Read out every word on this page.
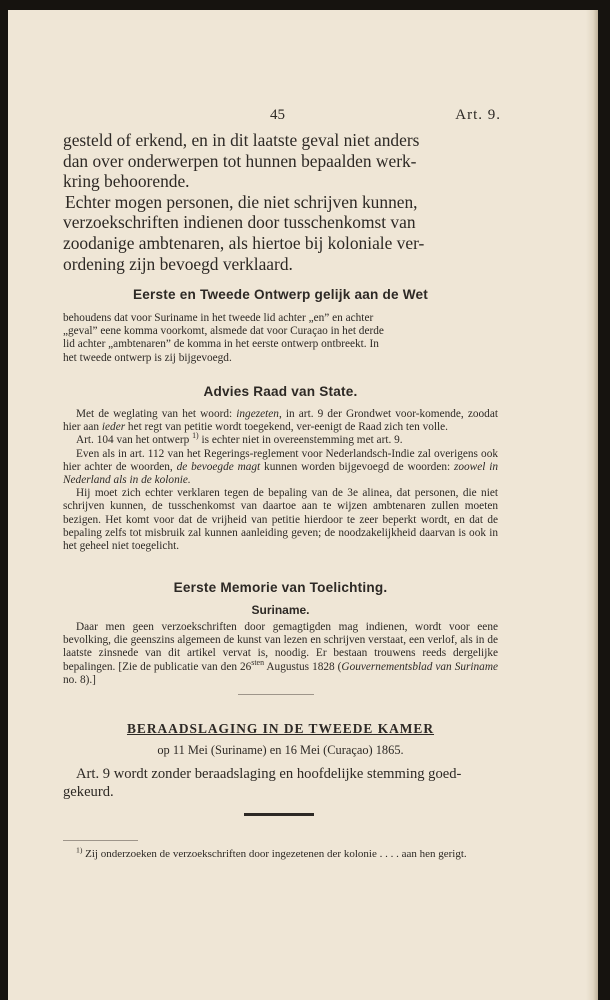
45	Art. 9.

gesteld of erkend, en in dit laatste geval niet anders

dan over onderwerpen tot hunnen bepaalden werk-

kring behoorende.

Echter mogen personen, die niet schrijven kunnen,

verzoekschriften indienen door tusschenkomst van

zoodanige ambtenaren, als hiertoe bij koloniale ver-

ordening zijn bevoegd verklaard.

Eerste en Tweede Ontwerp gelijk aan de Wet

behoudens dat voor Suriname in het tweede lid achter „en” en achter

„geval” eene komma voorkomt, alsmede dat voor Curaçao in het derde

lid achter „ambtenaren” de komma in het eerste ontwerp ontbreekt. In

het tweede ontwerp is zij bijgevoegd.

Advies Raad van State.

Met de weglating van het woord: ingezeten, in art. 9 der Grondwet voor-komende, zoodat hier aan ieder het regt van petitie wordt toegekend, ver-eenigt de Raad zich ten volle.

Art. 104 van het ontwerp $^{1)}$ is echter niet in overeenstemming met art. 9.

Even als in art. 112 van het Regerings-reglement voor Nederlandsch-Indie zal overigens ook hier achter de woorden, de bevoegde magt kunnen worden bijgevoegd de woorden: zoowel in Nederland als in de kolonie.

Hij moet zich echter verklaren tegen de bepaling van de 3e alinea, dat personen, die niet schrijven kunnen, de tusschenkomst van daartoe aan te wijzen ambtenaren zullen moeten bezigen. Het komt voor dat de vrijheid van petitie hierdoor te zeer beperkt wordt, en dat de bepaling zelfs tot misbruik zal kunnen aanleiding geven; de noodzakelijkheid daarvan is ook in het geheel niet toegelicht.

Eerste Memorie van Toelichting.
Suriname.

Daar men geen verzoekschriften door gemagtigden mag indienen, wordt voor eene bevolking, die geenszins algemeen de kunst van lezen en schrijven verstaat, een verlof, als in de laatste zinsnede van dit artikel vervat is, noodig. Er bestaan trouwens reeds dergelijke bepalingen. [Zie de publicatie van den $26^{sten}$ Augustus 1828 (Gouvernementsblad van Suriname no. 8).]

BERAADSLAGING IN DE TWEEDE KAMER
op 11 Mei (Suriname) en 16 Mei (Curaçao) 1865.

Art. 9 wordt zonder beraadslaging en hoofdelijke stemming goed-

gekeurd.

$^{1)}$ Zij onderzoeken de verzoekschriften door ingezetenen der kolonie . . . . aan hen gerigt.
